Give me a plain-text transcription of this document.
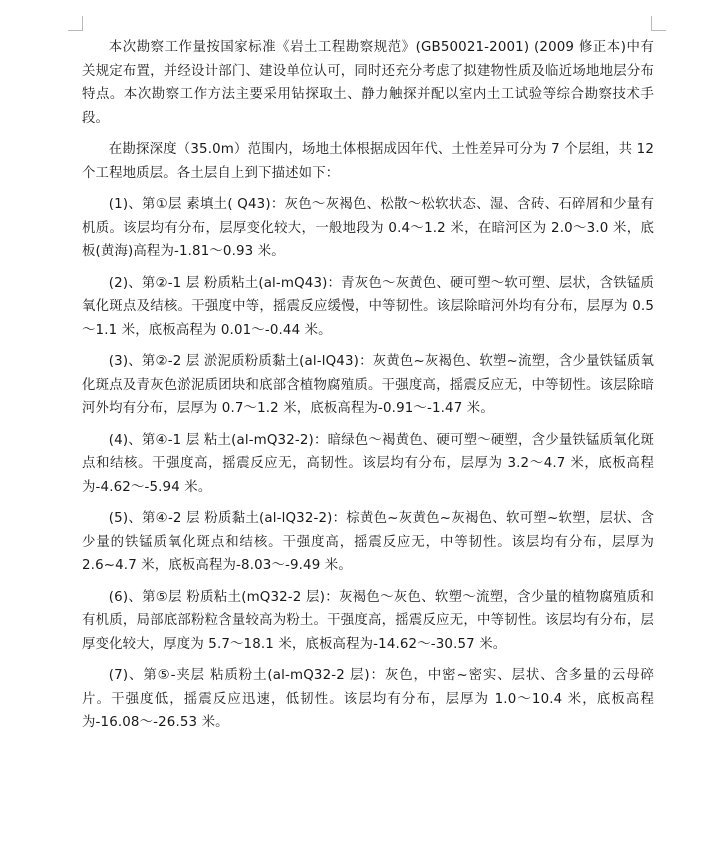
本次勘察工作量按国家标准《岩土工程勘察规范》(GB50021-2001) (2009 修正本)中有关规定布置，并经设计部门、建设单位认可，同时还充分考虑了拟建物性质及临近场地地层分布特点。本次勘察工作方法主要采用钻探取土、静力触探并配以室内土工试验等综合勘察技术手段。

在勘探深度（35.0m）范围内，场地土体根据成因年代、土性差异可分为 7 个层组，共 12 个工程地质层。各土层自上到下描述如下：

(1)、第①层 素填土( Q43)：灰色～灰褐色、松散～松软状态、湿、含砖、石碎屑和少量有机质。该层均有分布，层厚变化较大，一般地段为 0.4～1.2 米，在暗河区为 2.0～3.0 米，底板(黄海)高程为-1.81～0.93 米。

(2)、第②-1 层 粉质粘土(al-mQ43)：青灰色～灰黄色、硬可塑～软可塑、层状，含铁锰质氧化斑点及结核。干强度中等，摇震反应缓慢，中等韧性。该层除暗河外均有分布，层厚为 0.5～1.1 米，底板高程为 0.01～-0.44 米。

(3)、第②-2 层 淤泥质粉质黏土(al-lQ43)：灰黄色~灰褐色、软塑~流塑，含少量铁锰质氧化斑点及青灰色淤泥质团块和底部含植物腐殖质。干强度高，摇震反应无，中等韧性。该层除暗河外均有分布，层厚为 0.7～1.2 米，底板高程为-0.91～-1.47 米。

(4)、第④-1 层 粘土(al-mQ32-2)：暗绿色～褐黄色、硬可塑～硬塑，含少量铁锰质氧化斑点和结核。干强度高，摇震反应无，高韧性。该层均有分布，层厚为 3.2～4.7 米，底板高程为-4.62～-5.94 米。

(5)、第④-2 层 粉质黏土(al-lQ32-2)：棕黄色~灰黄色~灰褐色、软可塑~软塑，层状、含少量的铁锰质氧化斑点和结核。干强度高，摇震反应无，中等韧性。该层均有分布，层厚为 2.6~4.7 米，底板高程为-8.03～-9.49 米。

(6)、第⑤层 粉质粘土(mQ32-2 层)：灰褐色～灰色、软塑～流塑，含少量的植物腐殖质和有机质，局部底部粉粒含量较高为粉土。干强度高，摇震反应无，中等韧性。该层均有分布，层厚变化较大，厚度为 5.7～18.1 米，底板高程为-14.62～-30.57 米。

(7)、第⑤-夹层 粘质粉土(al-mQ32-2 层)：灰色，中密~密实、层状、含多量的云母碎片。干强度低，摇震反应迅速，低韧性。该层均有分布，层厚为 1.0～10.4 米，底板高程为-16.08～-26.53 米。
